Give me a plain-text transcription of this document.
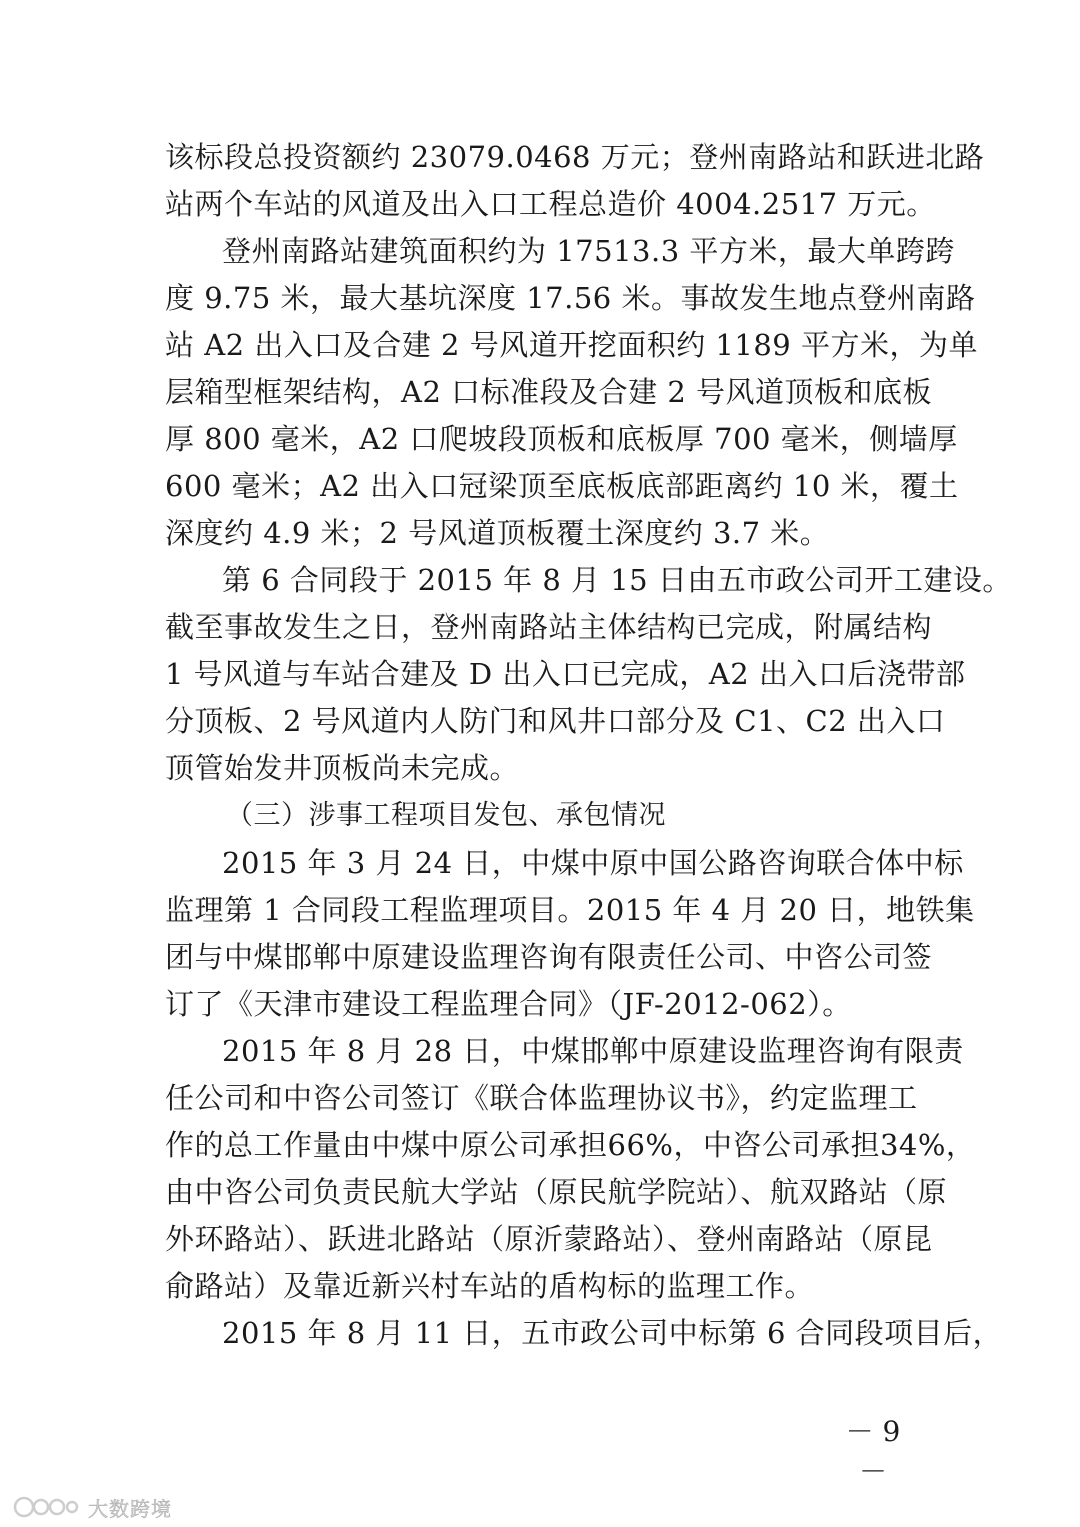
该标段总投资额约 23079.0468 万元；登州南路站和跃进北路
站两个车站的风道及出入口工程总造价 4004.2517 万元。
登州南路站建筑面积约为 17513.3 平方米，最大单跨跨
度 9.75 米，最大基坑深度 17.56 米。事故发生地点登州南路
站 A2 出入口及合建 2 号风道开挖面积约 1189 平方米，为单
层箱型框架结构，A2 口标准段及合建 2 号风道顶板和底板
厚 800 毫米，A2 口爬坡段顶板和底板厚 700 毫米，侧墙厚
600 毫米；A2 出入口冠梁顶至底板底部距离约 10 米，覆土
深度约 4.9 米；2 号风道顶板覆土深度约 3.7 米。
第 6 合同段于 2015 年 8 月 15 日由五市政公司开工建设。
截至事故发生之日，登州南路站主体结构已完成，附属结构
1 号风道与车站合建及 D 出入口已完成，A2 出入口后浇带部
分顶板、2 号风道内人防门和风井口部分及 C1、C2 出入口
顶管始发井顶板尚未完成。
（三）涉事工程项目发包、承包情况
2015 年 3 月 24 日，中煤中原中国公路咨询联合体中标
监理第 1 合同段工程监理项目。2015 年 4 月 20 日，地铁集
团与中煤邯郸中原建设监理咨询有限责任公司、中咨公司签
订了《天津市建设工程监理合同》（JF-2012-062）。
2015 年 8 月 28 日，中煤邯郸中原建设监理咨询有限责
任公司和中咨公司签订《联合体监理协议书》，约定监理工
作的总工作量由中煤中原公司承担66%，中咨公司承担34%，
由中咨公司负责民航大学站（原民航学院站）、航双路站（原
外环路站）、跃进北路站（原沂蒙路站）、登州南路站（原昆
俞路站）及靠近新兴村车站的盾构标的监理工作。
2015 年 8 月 11 日，五市政公司中标第 6 合同段项目后，
－ 9 －
大数跨境
